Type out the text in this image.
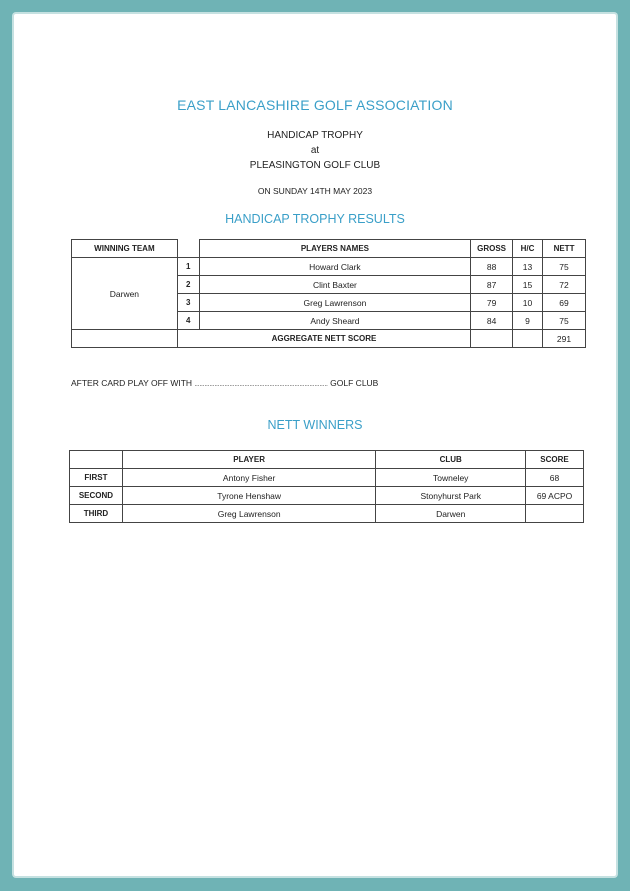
EAST LANCASHIRE GOLF ASSOCIATION
HANDICAP TROPHY
at
PLEASINGTON GOLF CLUB
ON SUNDAY 14TH MAY 2023
HANDICAP TROPHY RESULTS
WINNING TEAM		PLAYERS NAMES	GROSS	H/C	NETT
Darwen	1	Howard Clark	88	13	75
	2	Clint Baxter	87	15	72
	3	Greg Lawrenson	79	10	69
	4	Andy Sheard	84	9	75
	AGGREGATE NETT SCORE				291
AFTER CARD PLAY OFF WITH ................................................................................ GOLF CLUB
NETT WINNERS
	PLAYER	CLUB	SCORE
FIRST	Antony Fisher	Towneley	68
SECOND	Tyrone Henshaw	Stonyhurst Park	69 ACPO
THIRD	Greg Lawrenson	Darwen	
